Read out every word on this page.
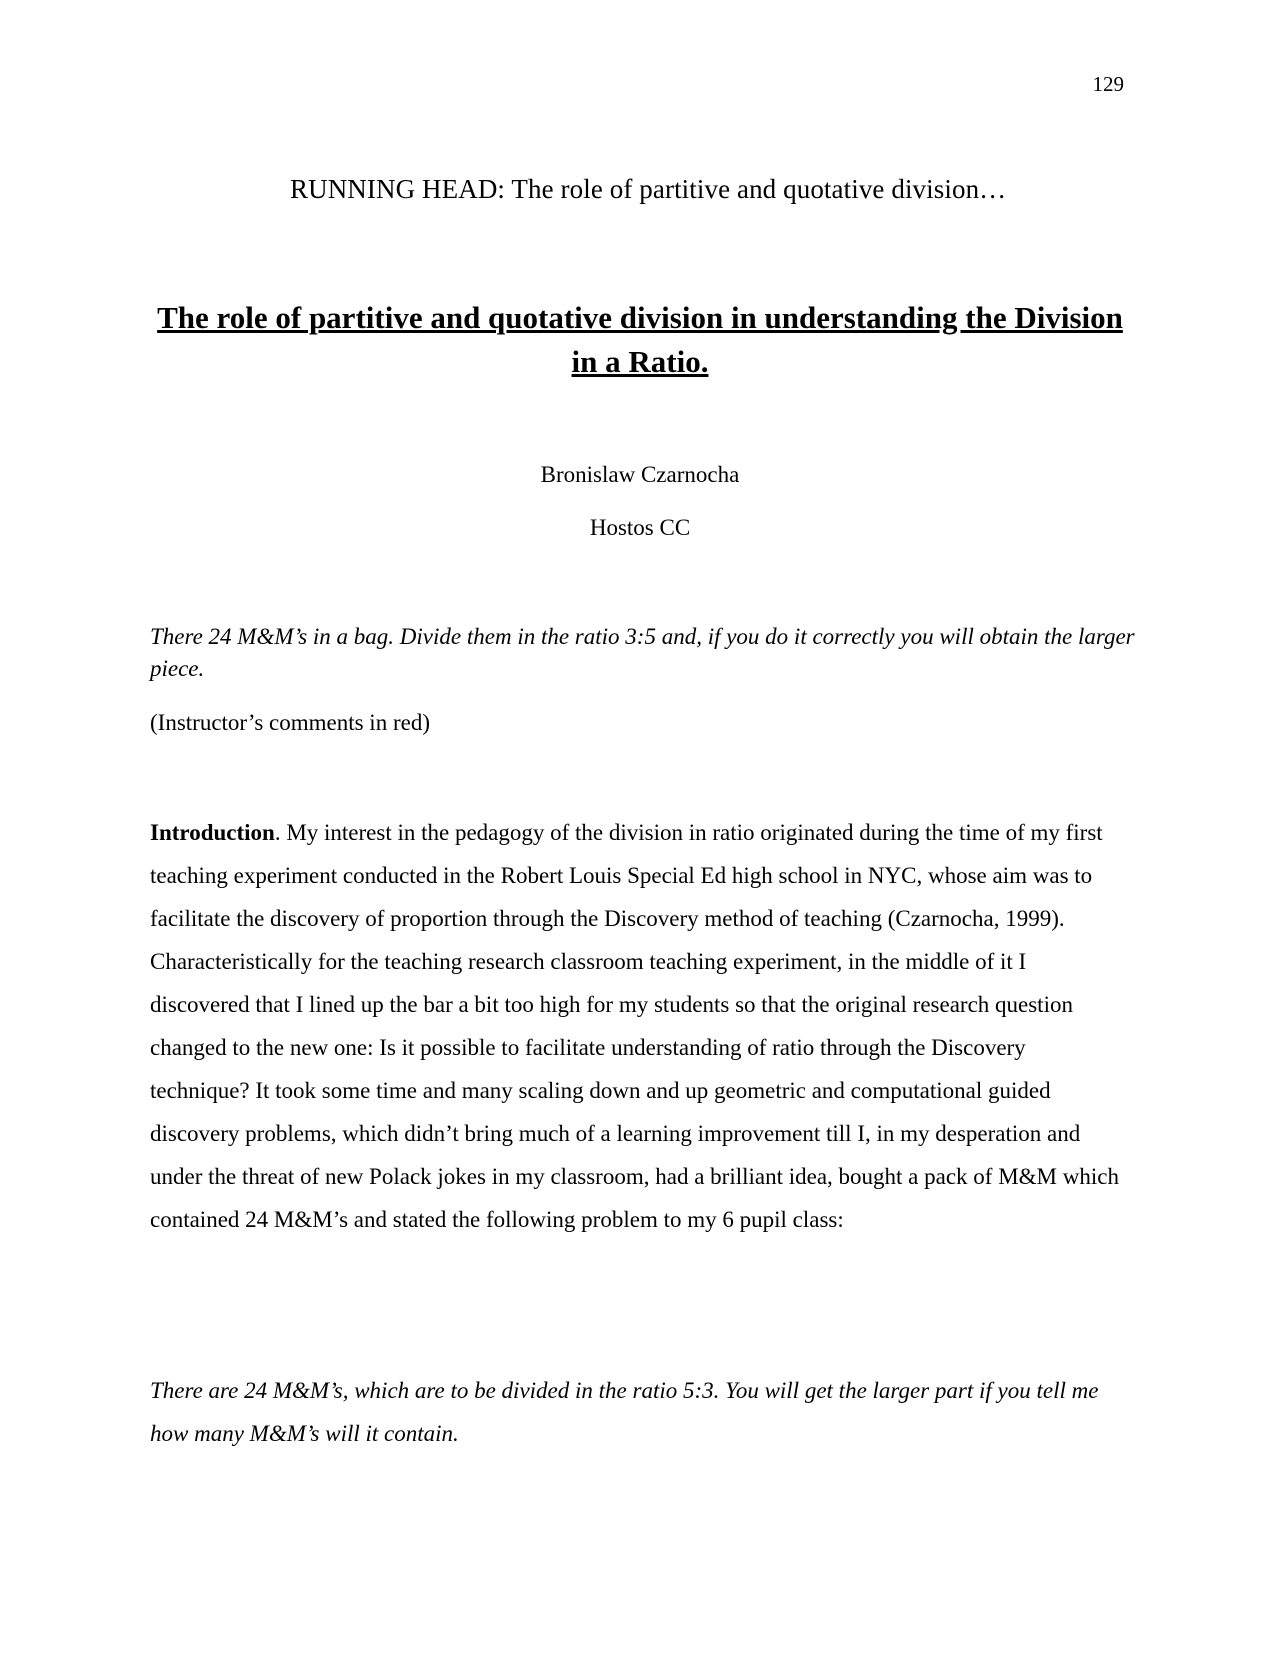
129
RUNNING HEAD: The role of partitive and quotative division…
The role of partitive and quotative division in understanding the Division in a Ratio.
Bronislaw Czarnocha
Hostos CC

There 24 M&M’s in a bag. Divide them in the ratio 3:5 and, if you do it correctly you will obtain the larger piece.

(Instructor’s comments in red)

Introduction. My interest in the pedagogy of the division in ratio originated during the time of my first teaching experiment conducted in the Robert Louis Special Ed high school in NYC, whose aim was to facilitate the discovery of proportion through the Discovery method of teaching (Czarnocha, 1999). Characteristically for the teaching research classroom teaching experiment, in the middle of it I discovered that I lined up the bar a bit too high for my students so that the original research question changed to the new one: Is it possible to facilitate understanding of ratio through the Discovery technique? It took some time and many scaling down and up geometric and computational guided discovery problems, which didn’t bring much of a learning improvement till I, in my desperation and under the threat of new Polack jokes in my classroom, had a brilliant idea, bought a pack of M&M which contained 24 M&M’s and stated the following problem to my 6 pupil class:

There are 24 M&M’s, which are to be divided in the ratio 5:3. You will get the larger part if you tell me how many M&M’s will it contain.
